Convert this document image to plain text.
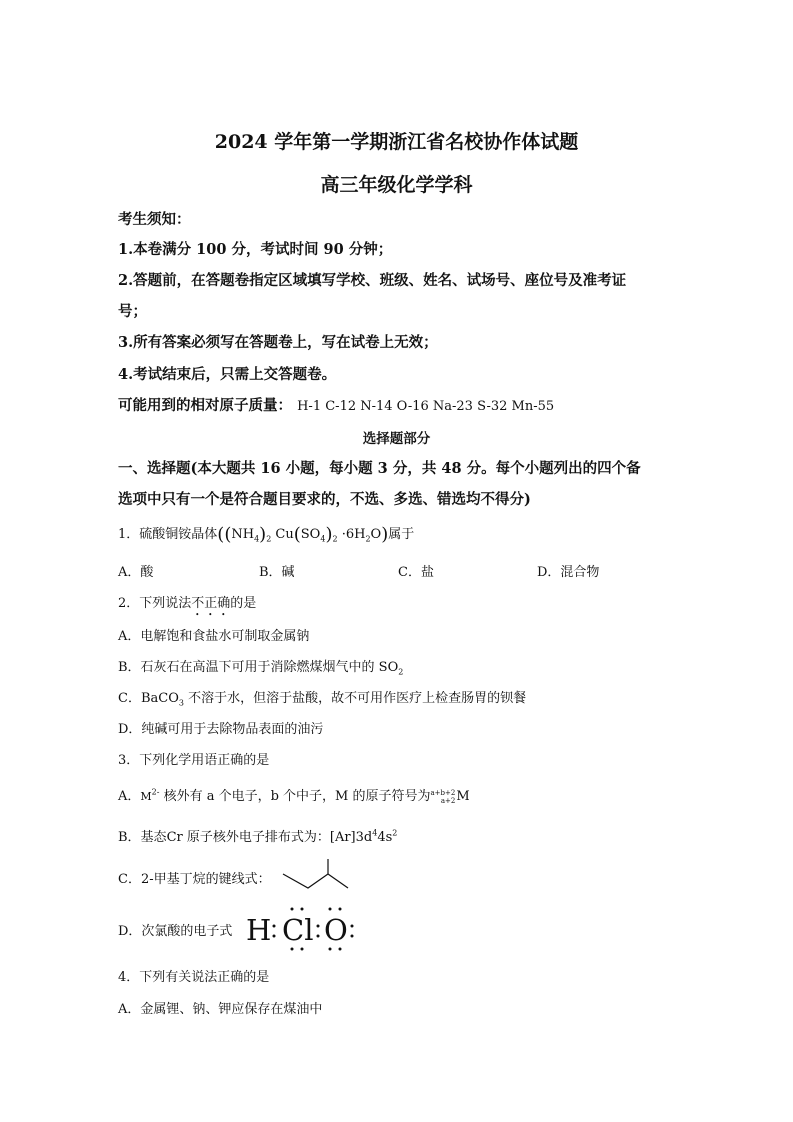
2024 学年第一学期浙江省名校协作体试题
高三年级化学学科
考生须知：
1.本卷满分 100 分，考试时间 90 分钟；
2.答题前，在答题卷指定区域填写学校、班级、姓名、试场号、座位号及准考证
号；
3.所有答案必须写在答题卷上，写在试卷上无效；
4.考试结束后，只需上交答题卷。
可能用到的相对原子质量： H-1 C-12 N-14 O-16 Na-23 S-32 Mn-55
选择题部分
一、选择题(本大题共 16 小题，每小题 3 分，共 48 分。每个小题列出的四个备
选项中只有一个是符合题目要求的，不选、多选、错选均不得分)
1．硫酸铜铵晶体($(NH_4)_2$ $Cu(SO_4)_2 \cdot 6H_2O$)属于
A．酸	B．碱	C．盐	D．混合物
2．下列说法不正确的是
A．电解饱和食盐水可制取金属钠
B．石灰石在高温下可用于消除燃煤烟气中的 $SO_2$
C．BaCO$_3$ 不溶于水，但溶于盐酸，故不可用作医疗上检查肠胃的钡餐
D．纯碱可用于去除物品表面的油污
3．下列化学用语正确的是
A．$M^{2-}$ 核外有 a 个电子，b 个中子，M 的原子符号为 a+b+2
a+2 M
B．基态Cr 原子核外电子排布式为：$[Ar]3d^44s^2$
C．2-甲基丁烷的键线式：
D．次氯酸的电子式 H Cl O
4．下列有关说法正确的是
A．金属锂、钠、钾应保存在煤油中
